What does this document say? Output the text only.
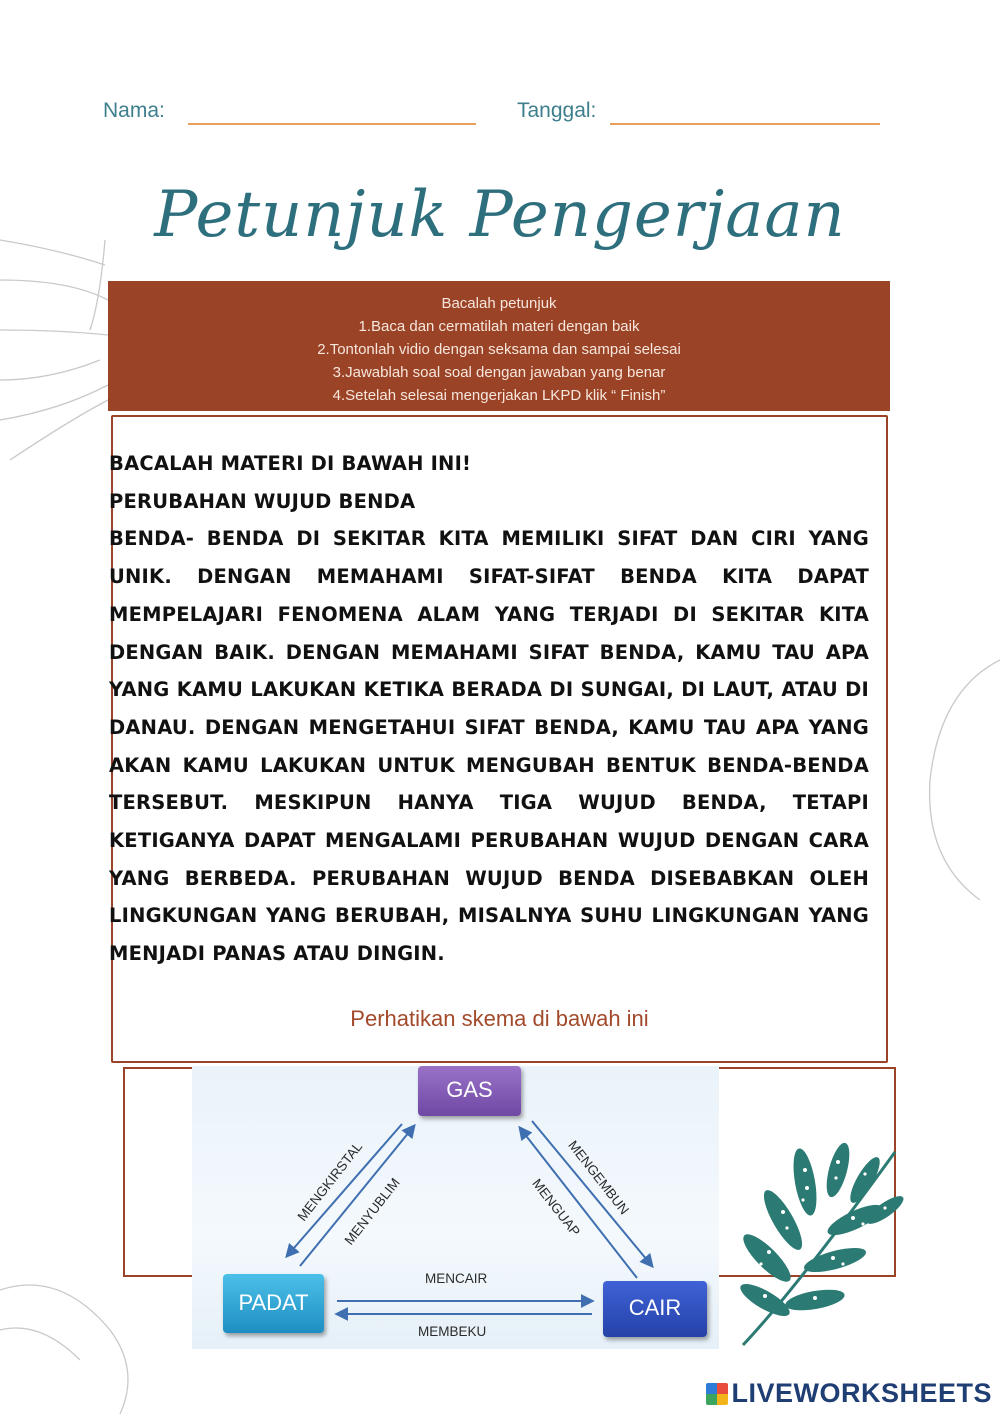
Nama:	Tanggal:
Petunjuk Pengerjaan
Bacalah petunjuk
1.Baca dan cermatilah materi dengan baik
2.Tontonlah vidio dengan seksama dan sampai selesai
3.Jawablah soal soal dengan jawaban yang benar
4.Setelah selesai mengerjakan LKPD klik “ Finish”
BACALAH MATERI DI BAWAH INI!
PERUBAHAN WUJUD BENDA
BENDA- BENDA DI SEKITAR KITA MEMILIKI SIFAT DAN CIRI YANG
UNIK. DENGAN MEMAHAMI SIFAT-SIFAT BENDA KITA DAPAT
MEMPELAJARI FENOMENA ALAM YANG TERJADI DI SEKITAR KITA
DENGAN BAIK. DENGAN MEMAHAMI SIFAT BENDA, KAMU TAU APA
YANG KAMU LAKUKAN KETIKA BERADA DI SUNGAI, DI LAUT, ATAU DI
DANAU. DENGAN MENGETAHUI SIFAT BENDA, KAMU TAU APA YANG
AKAN KAMU LAKUKAN UNTUK MENGUBAH BENTUK BENDA-BENDA
TERSEBUT. MESKIPUN HANYA TIGA WUJUD BENDA, TETAPI
KETIGANYA DAPAT MENGALAMI PERUBAHAN WUJUD DENGAN CARA
YANG BERBEDA. PERUBAHAN WUJUD BENDA DISEBABKAN OLEH
LINGKUNGAN YANG BERUBAH, MISALNYA SUHU LINGKUNGAN YANG
MENJADI PANAS ATAU DINGIN.
Perhatikan skema di bawah ini
GAS
PADAT	CAIR
MENGKIRSTAL
MENYUBLIM	MENGEMBUN
MENGUAP
MENCAIR
MEMBEKU
LIVEWORKSHEETS
